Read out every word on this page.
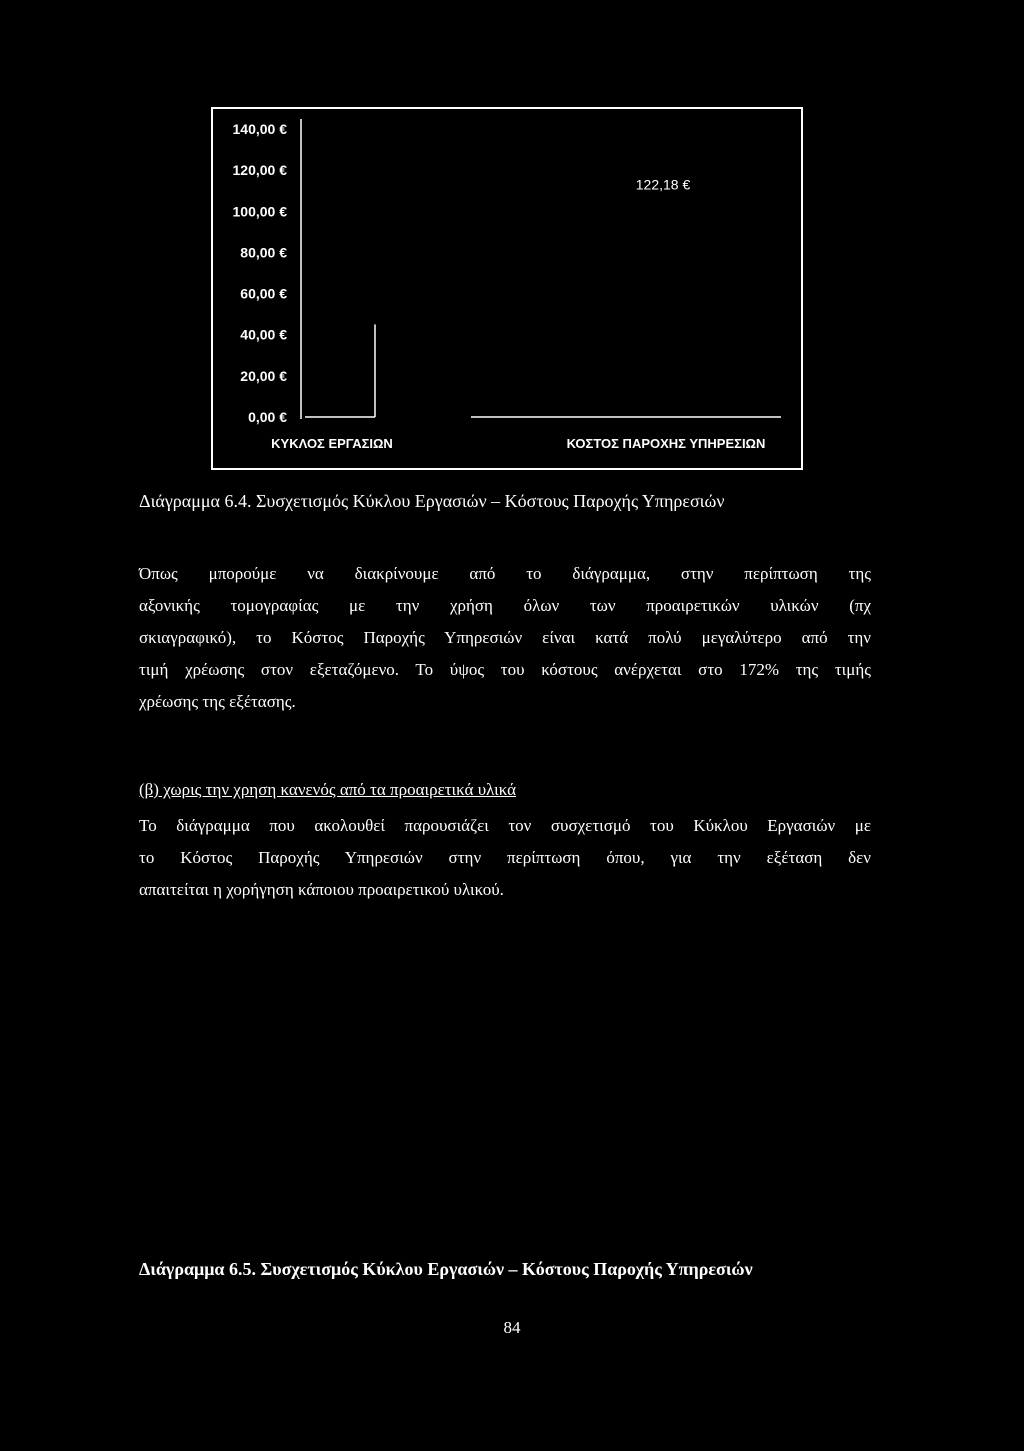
140,00 €
120,00 €
100,00 €
80,00 €
60,00 €
40,00 €
20,00 €
0,00 €
122,18 €
ΚΥΚΛΟΣ ΕΡΓΑΣΙΩΝ	ΚΟΣΤΟΣ ΠΑΡΟΧΗΣ ΥΠΗΡΕΣΙΩΝ
Διάγραμμα 6.4. Συσχετισμός Κύκλου Εργασιών – Κόστους Παροχής Υπηρεσιών
Όπως μπορούμε να διακρίνουμε από το διάγραμμα, στην περίπτωση της
αξονικής τομογραφίας με την χρήση όλων των προαιρετικών υλικών (πχ
σκιαγραφικό), το Κόστος Παροχής Υπηρεσιών είναι κατά πολύ μεγαλύτερο από την
τιμή χρέωσης στον εξεταζόμενο. Το ύψος του κόστους ανέρχεται στο 172% της τιμής
χρέωσης της εξέτασης.
(β) χωρις την χρηση κανενός από τα προαιρετικά υλικά
Το διάγραμμα που ακολουθεί παρουσιάζει τον συσχετισμό του Κύκλου Εργασιών με
το Κόστος Παροχής Υπηρεσιών στην περίπτωση όπου, για την εξέταση δεν
απαιτείται η χορήγηση κάποιου προαιρετικού υλικού.
Διάγραμμα 6.5. Συσχετισμός Κύκλου Εργασιών – Κόστους Παροχής Υπηρεσιών
84
